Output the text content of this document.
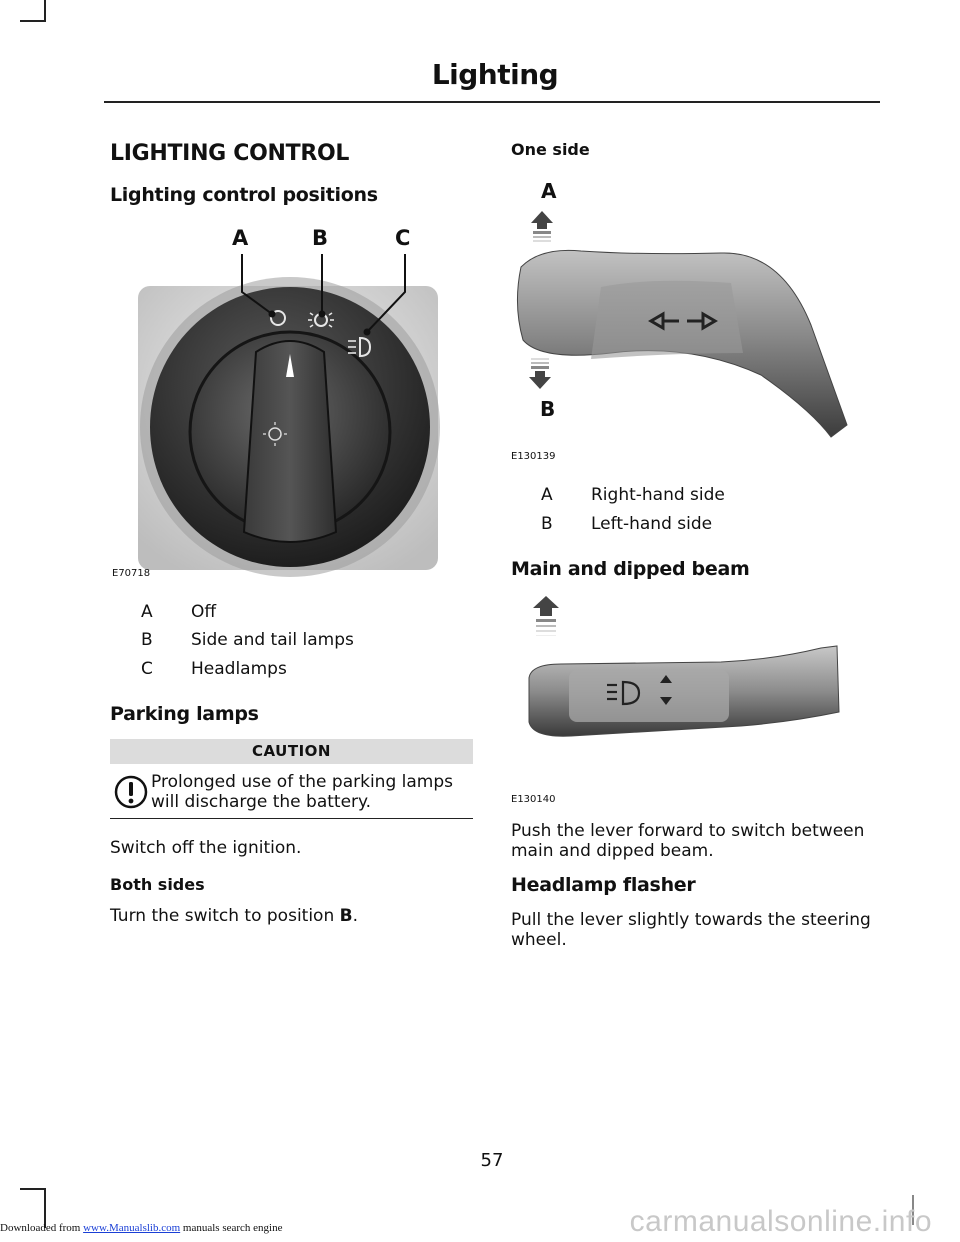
Lighting
LIGHTING CONTROL
Lighting control positions
A	B	C
E70718
A Off
B Side and tail lamps
C Headlamps
Parking lamps
CAUTION
Prolonged use of the parking lamps
will discharge the battery.
Switch off the ignition.
Both sides
Turn the switch to position B.
One side
A
B
E130139
A Right-hand side
B Left-hand side
Main and dipped beam
E130140
Push the lever forward to switch between
main and dipped beam.
Headlamp flasher
Pull the lever slightly towards the steering
wheel.
57
Downloaded from www.Manualslib.com manuals search engine	carmanualsonline.info
